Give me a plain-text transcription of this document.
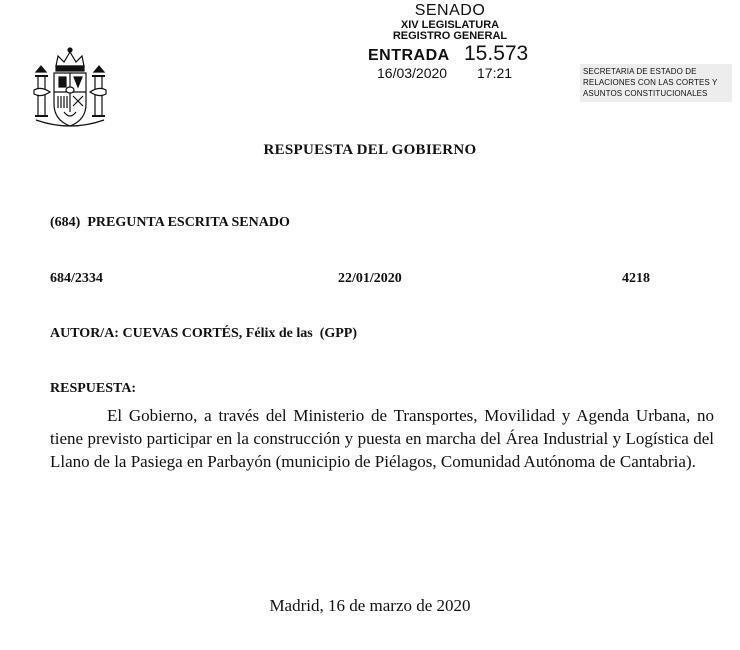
SENADO
XIV LEGISLATURA
REGISTRO GENERAL
ENTRADA 15.573
16/03/2020 17:21	SECRETARIA DE ESTADO DE
RELACIONES CON LAS CORTES Y
ASUNTOS CONSTITUCIONALES
RESPUESTA DEL GOBIERNO
(684)  PREGUNTA ESCRITA SENADO
684/2334	22/01/2020	4218
AUTOR/A: CUEVAS CORTÉS, Félix de las  (GPP)
RESPUESTA:
El Gobierno, a través del Ministerio de Transportes, Movilidad y Agenda Urbana, no tiene previsto participar en la construcción y puesta en marcha del Área Industrial y Logística del Llano de la Pasiega en Parbayón (municipio de Piélagos, Comunidad Autónoma de Cantabria).
Madrid, 16 de marzo de 2020
